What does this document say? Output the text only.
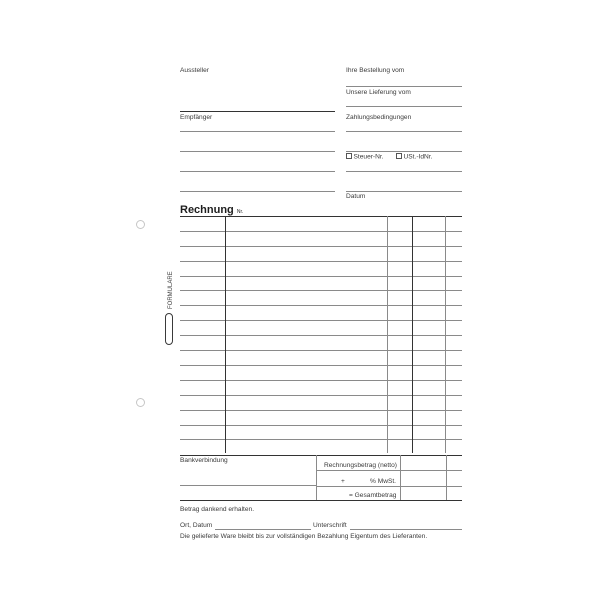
FORMULARE
Aussteller
Empfänger
Ihre Bestellung vom
Unsere Lieferung vom
Zahlungsbedingungen
Steuer-Nr.	USt.-IdNr.
Datum
Rechnung Nr.
Bankverbindung
Rechnungsbetrag (netto)
+	% MwSt.
= Gesamtbetrag
Betrag dankend erhalten.
Ort, Datum	Unterschrift
Die gelieferte Ware bleibt bis zur vollständigen Bezahlung Eigentum des Lieferanten.
